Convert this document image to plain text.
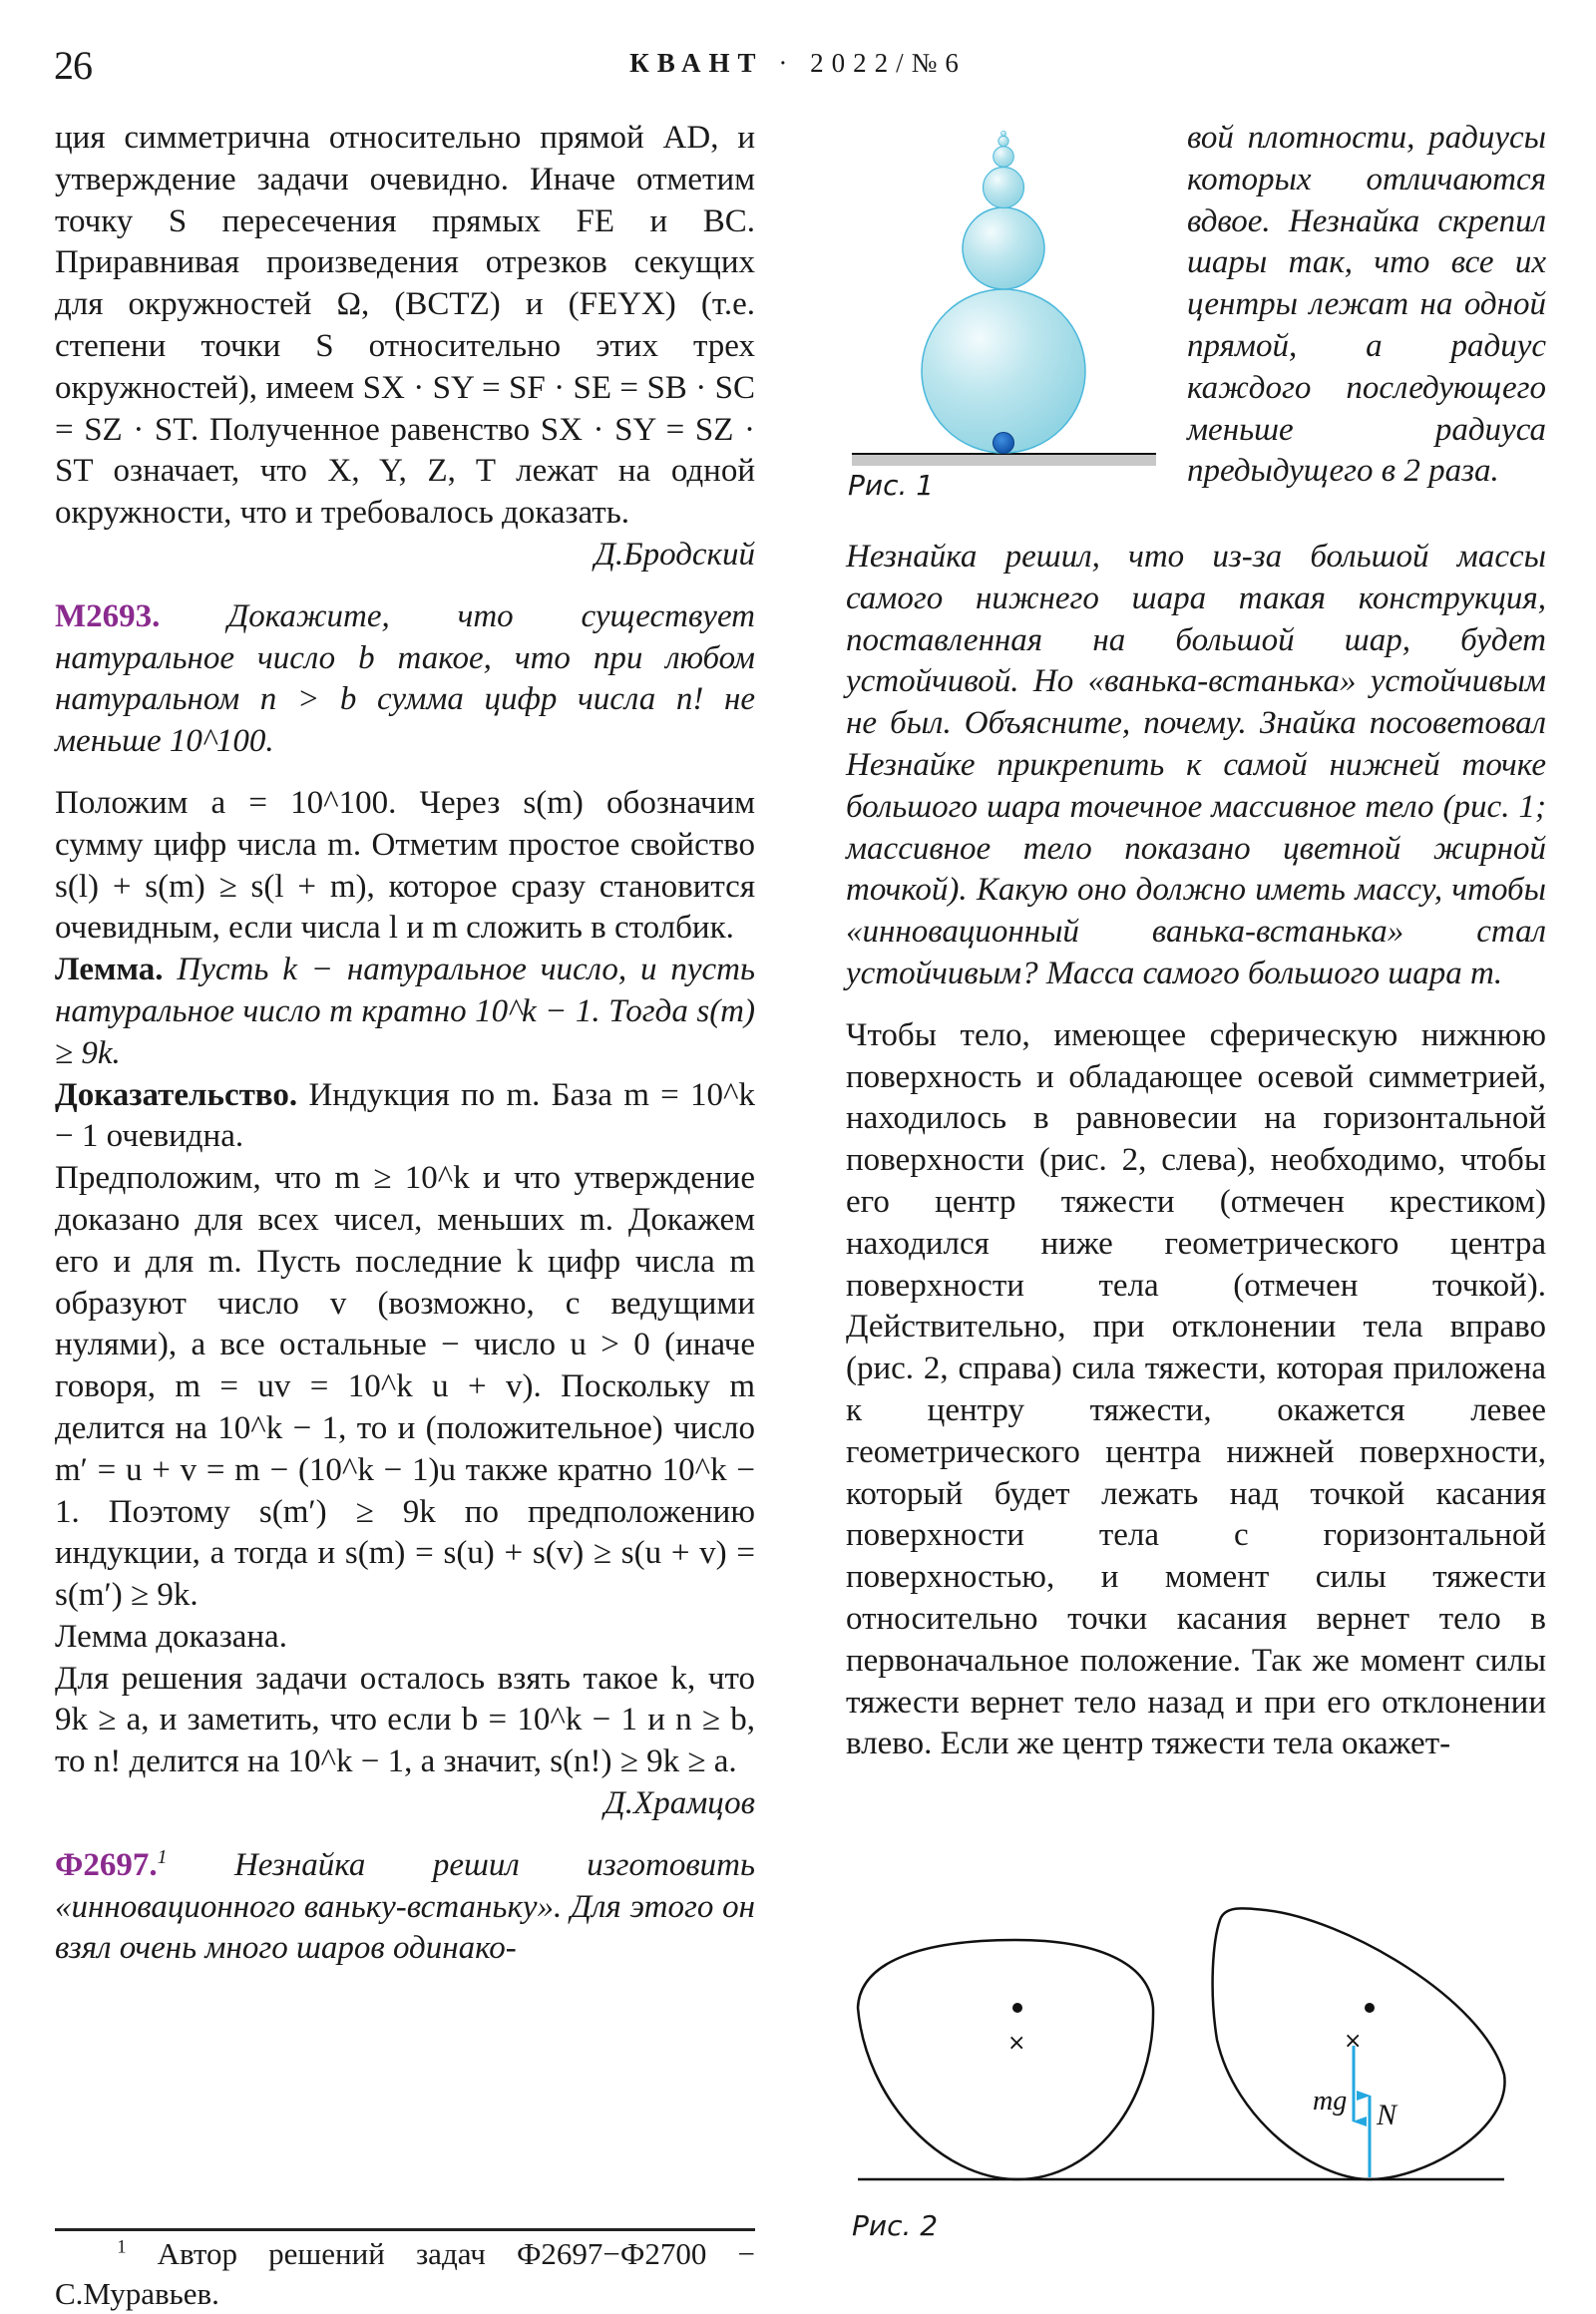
26	КВАНТ · 2022/№6

ция симметрична относительно прямой AD, и утверждение задачи очевидно. Иначе отметим точку S пересечения прямых FE и BC. Приравнивая произведения отрезков секущих для окружностей Ω, (BCTZ) и (FEYX) (т.е. степени точки S относительно этих трех окружностей), имеем SX · SY = SF · SE = SB · SC = SZ · ST. Полученное равенство SX · SY = SZ · ST означает, что X, Y, Z, T лежат на одной окружности, что и требовалось доказать.

Д.Бродский

М2693. Докажите, что существует натуральное число b такое, что при любом натуральном n > b сумма цифр числа n! не меньше 10^100.

Положим a = 10^100. Через s(m) обозначим сумму цифр числа m. Отметим простое свойство s(l) + s(m) ≥ s(l + m), которое сразу становится очевидным, если числа l и m сложить в столбик.

Лемма. Пусть k − натуральное число, и пусть натуральное число m кратно 10^k − 1. Тогда s(m) ≥ 9k.

Доказательство. Индукция по m. База m = 10^k − 1 очевидна.

Предположим, что m ≥ 10^k и что утверждение доказано для всех чисел, меньших m. Докажем его и для m. Пусть последние k цифр числа m образуют число v (возможно, с ведущими нулями), а все остальные − число u > 0 (иначе говоря, m = uv = 10^k u + v). Поскольку m делится на 10^k − 1, то и (положительное) число m′ = u + v = m − (10^k − 1)u также кратно 10^k − 1. Поэтому s(m′) ≥ 9k по предположению индукции, а тогда и s(m) = s(u) + s(v) ≥ s(u + v) = s(m′) ≥ 9k.

Лемма доказана.

Для решения задачи осталось взять такое k, что 9k ≥ a, и заметить, что если b = 10^k − 1 и n ≥ b, то n! делится на 10^k − 1, а значит, s(n!) ≥ 9k ≥ a.

Д.Храмцов

Ф2697.$^1$ Незнайка решил изготовить «инновационного ваньку-встаньку». Для этого он взял очень много шаров одинако-

$^1$ Автор решений задач Ф2697−Ф2700 − С.Муравьев.
Рис. 1

вой плотности, радиусы которых отличаются вдвое. Незнайка скрепил шары так, что все их центры лежат на одной прямой, а радиус каждого последующего меньше радиуса предыдущего в 2 раза.

Незнайка решил, что из-за большой массы самого нижнего шара такая конструкция, поставленная на большой шар, будет устойчивой. Но «ванька-встанька» устойчивым не был. Объясните, почему. Знайка посоветовал Незнайке прикрепить к самой нижней точке большого шара точечное массивное тело (рис. 1; массивное тело показано цветной жирной точкой). Какую оно должно иметь массу, чтобы «инновационный ванька-встанька» стал устойчивым? Масса самого большого шара m.

Чтобы тело, имеющее сферическую нижнюю поверхность и обладающее осевой симметрией, находилось в равновесии на горизонтальной поверхности (рис. 2, слева), необходимо, чтобы его центр тяжести (отмечен крестиком) находился ниже геометрического центра поверхности тела (отмечен точкой). Действительно, при отклонении тела вправо (рис. 2, справа) сила тяжести, которая приложена к центру тяжести, окажется левее геометрического центра нижней поверхности, который будет лежать над точкой касания поверхности тела с горизонтальной поверхностью, и момент силы тяжести относительно точки касания вернет тело в первоначальное положение. Так же момент силы тяжести вернет тело назад и при его отклонении влево. Если же центр тяжести тела окажет-

×	×
mg N
Рис. 2
